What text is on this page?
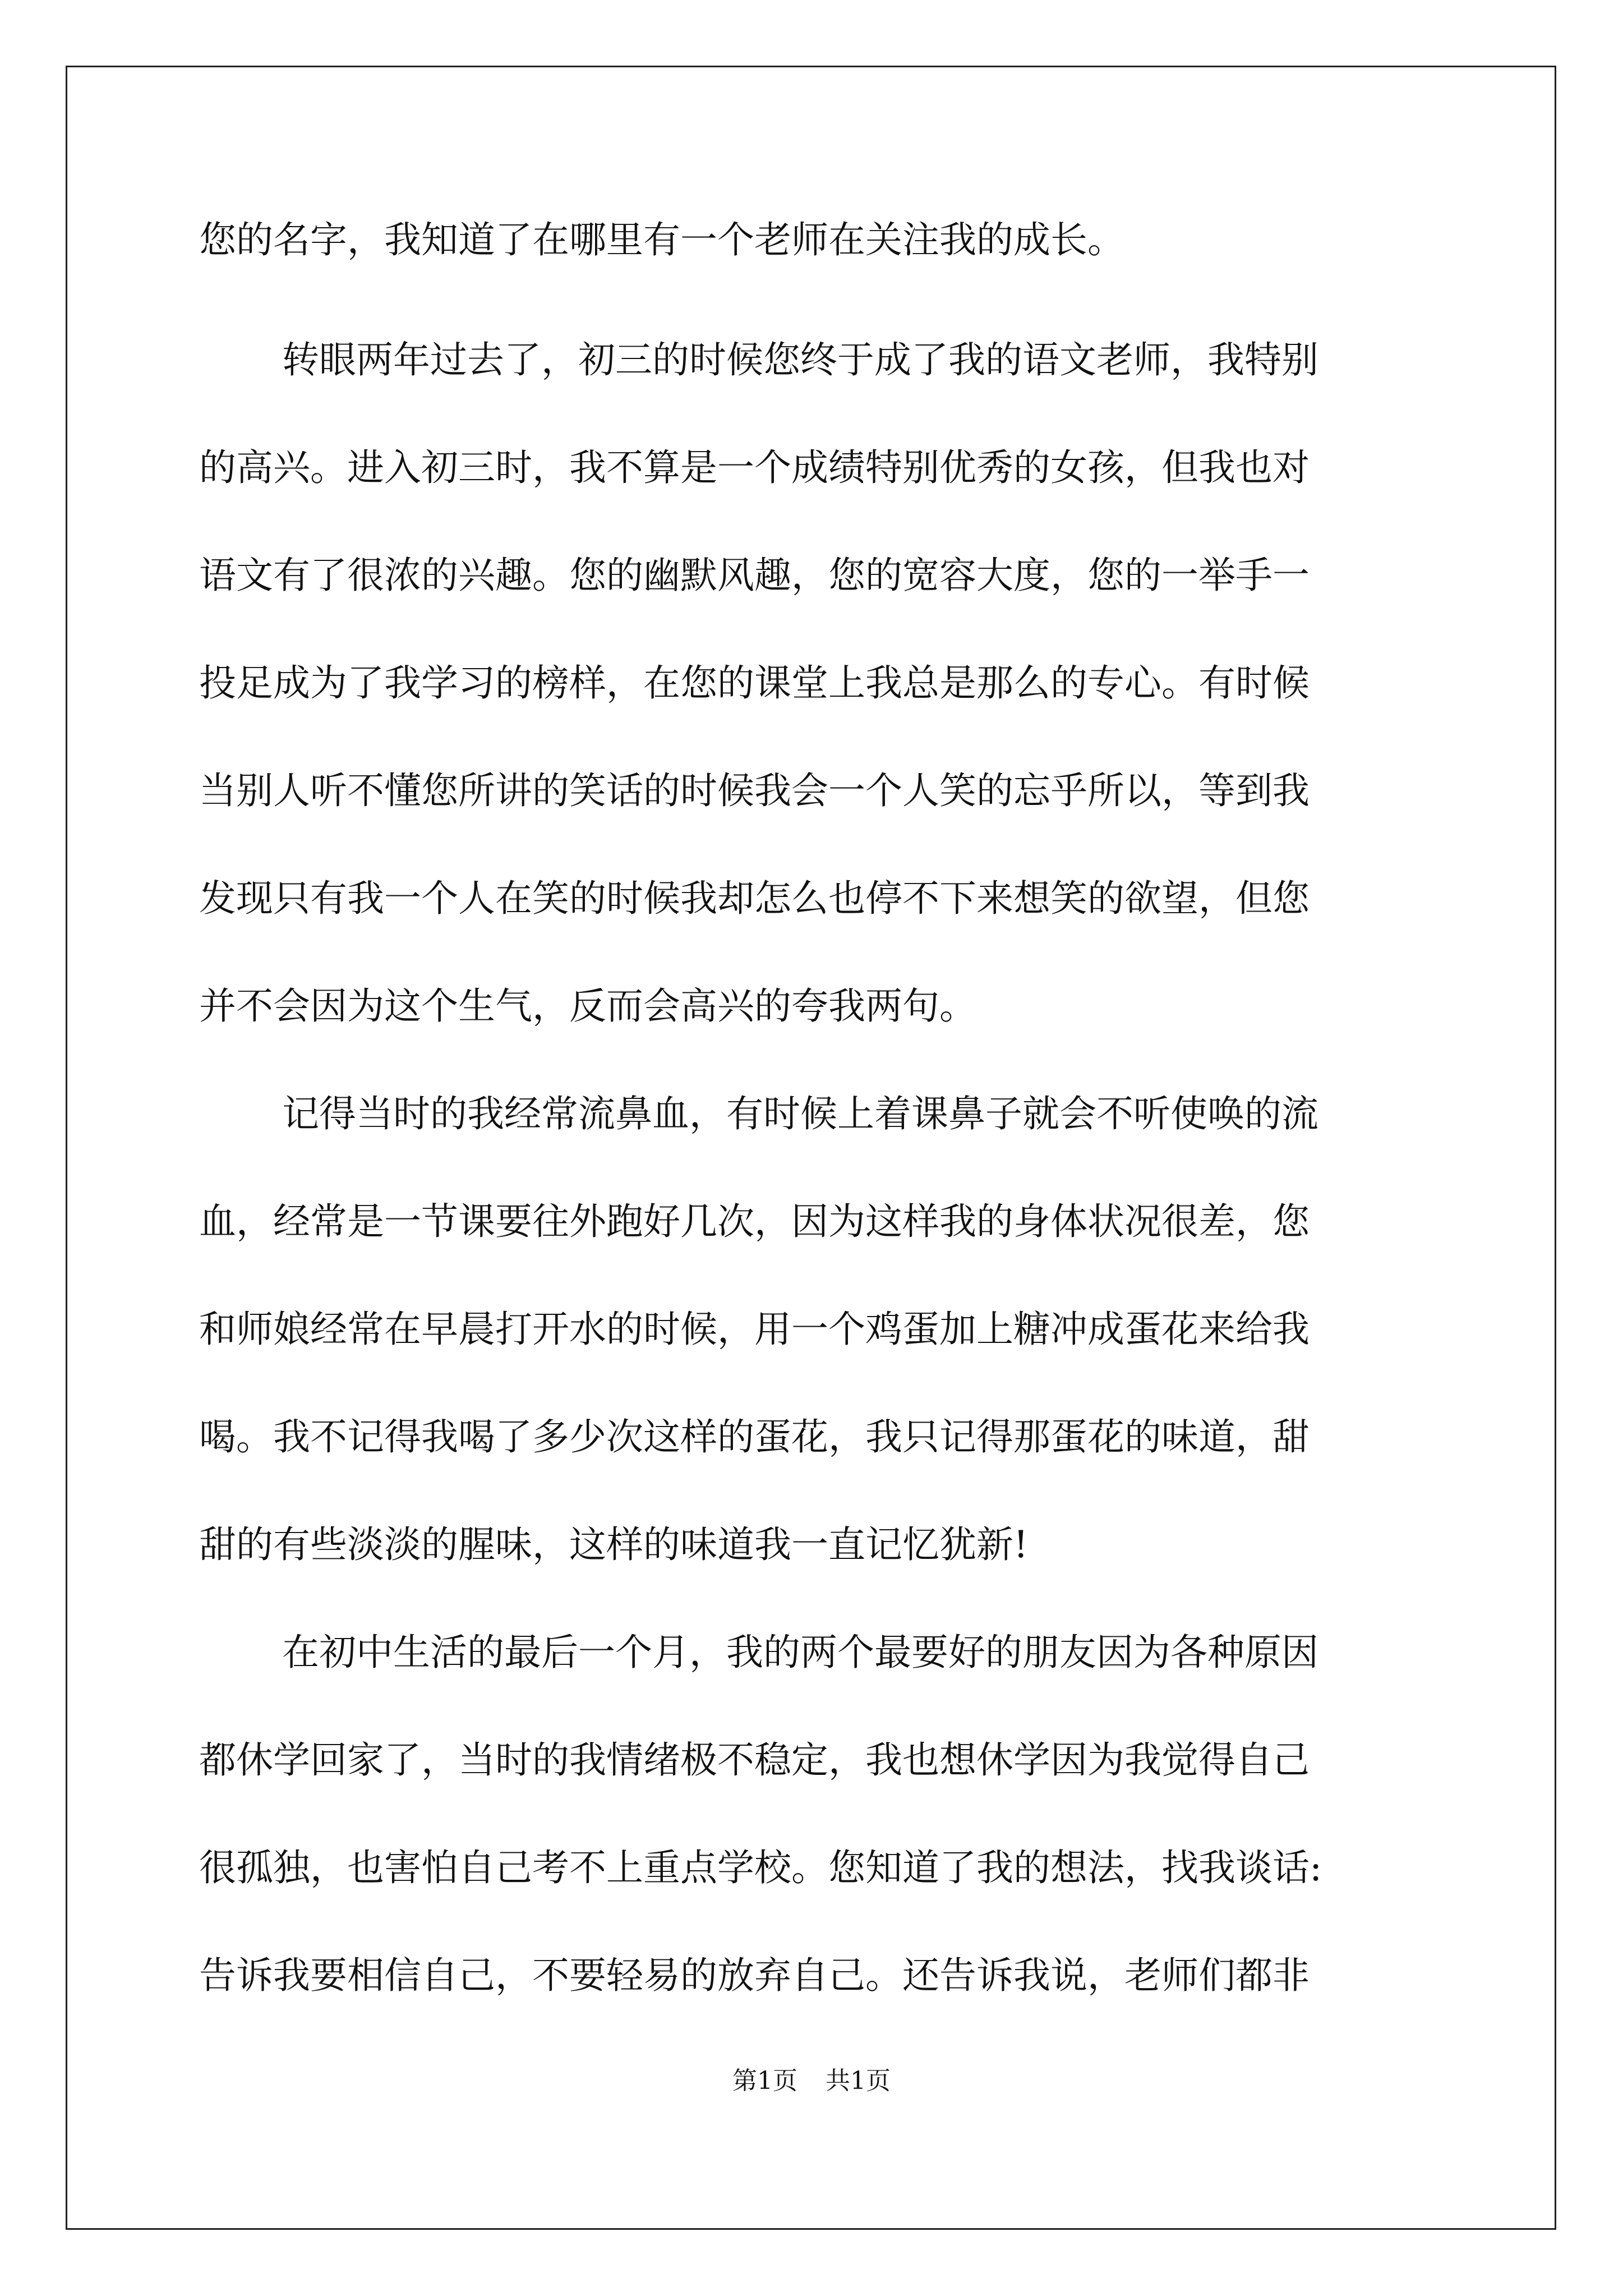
您的名字，我知道了在哪里有一个老师在关注我的成长。
转眼两年过去了，初三的时候您终于成了我的语文老师，我特别
的高兴。进入初三时，我不算是一个成绩特别优秀的女孩，但我也对
语文有了很浓的兴趣。您的幽默风趣，您的宽容大度，您的一举手一
投足成为了我学习的榜样，在您的课堂上我总是那么的专心。有时候
当别人听不懂您所讲的笑话的时候我会一个人笑的忘乎所以，等到我
发现只有我一个人在笑的时候我却怎么也停不下来想笑的欲望，但您
并不会因为这个生气，反而会高兴的夸我两句。
记得当时的我经常流鼻血，有时候上着课鼻子就会不听使唤的流
血，经常是一节课要往外跑好几次，因为这样我的身体状况很差，您
和师娘经常在早晨打开水的时候，用一个鸡蛋加上糖冲成蛋花来给我
喝。我不记得我喝了多少次这样的蛋花，我只记得那蛋花的味道，甜
甜的有些淡淡的腥味，这样的味道我一直记忆犹新!
在初中生活的最后一个月，我的两个最要好的朋友因为各种原因
都休学回家了，当时的我情绪极不稳定，我也想休学因为我觉得自己
很孤独，也害怕自己考不上重点学校。您知道了我的想法，找我谈话:
告诉我要相信自己，不要轻易的放弃自己。还告诉我说，老师们都非
第1页 共1页
